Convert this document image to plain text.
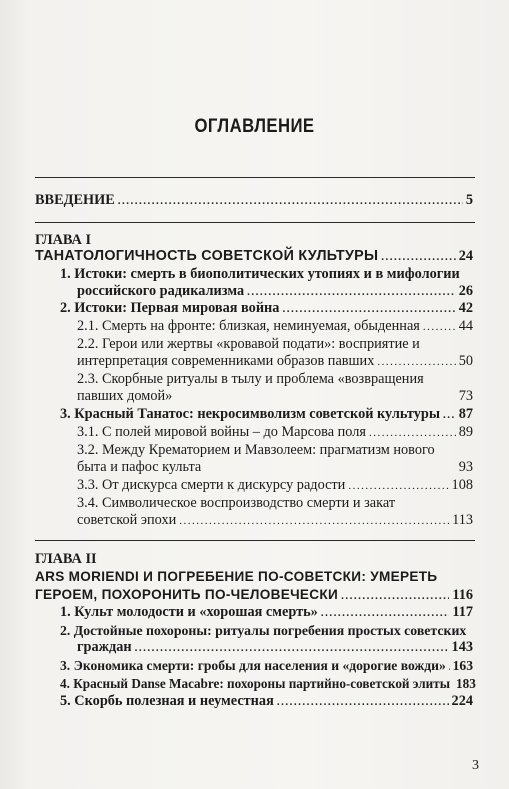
ОГЛАВЛЕНИЕ
ВВЕДЕНИЕ .....	5
ГЛАВА I
ТАНАТОЛОГИЧНОСТЬ СОВЕТСКОЙ КУЛЬТУРЫ .....	24
1. Истоки: смерть в биополитических утопиях и в мифологии
российского радикализма .....	26
2. Истоки: Первая мировая война .....	42
2.1. Смерть на фронте: близкая, неминуемая, обыденная .....	44
2.2. Герои или жертвы «кровавой подати»: восприятие и
интерпретация современниками образов павших .....	50
2.3. Скорбные ритуалы в тылу и проблема «возвращения
павших домой»	73
3. Красный Танатос: некросимволизм советской культуры ..... 87
3.1. С полей мировой войны – до Марсова поля .....	89
3.2. Между Крематорием и Мавзолеем: прагматизм нового
быта и пафос культа	93
3.3. От дискурса смерти к дискурсу радости .....	108
3.4. Символическое воспроизводство смерти и закат
советской эпохи .....	113
ГЛАВА II
ARS MORIENDI И ПОГРЕБЕНИЕ ПО-СОВЕТСКИ: УМЕРЕТЬ
ГЕРОЕМ, ПОХОРОНИТЬ ПО-ЧЕЛОВЕЧЕСКИ .....	116
1. Культ молодости и «хорошая смерть» .....	117
2. Достойные похороны: ритуалы погребения простых советских
граждан .....	143
3. Экономика смерти: гробы для населения и «дорогие вожди» ..... 163
4. Красный Danse Macabre: похороны партийно-советской элиты 183
5. Скорбь полезная и неуместная .....	224
3
